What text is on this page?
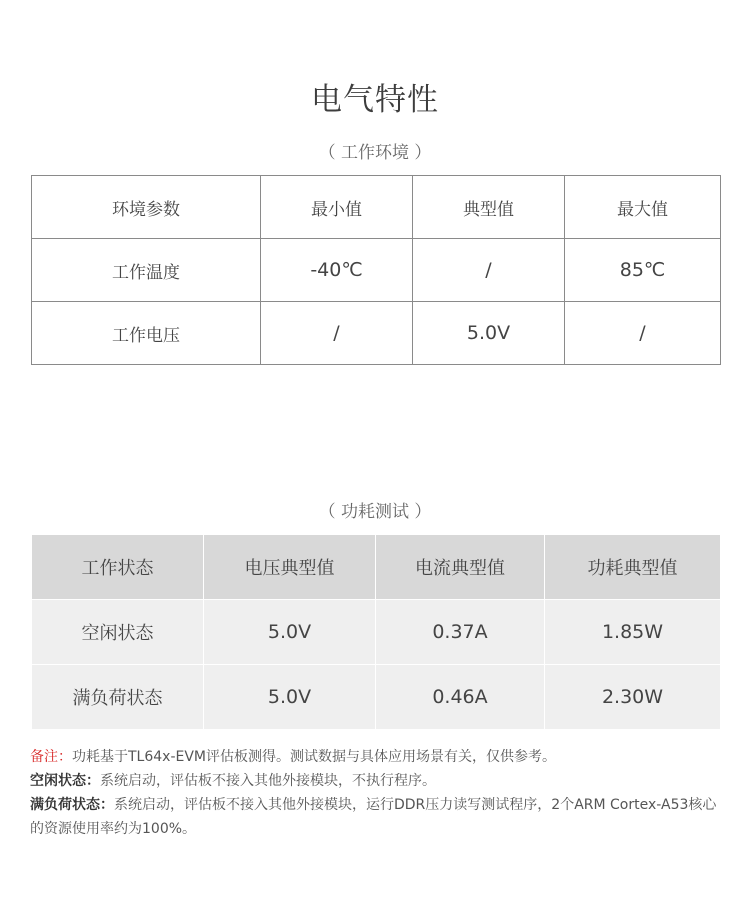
电气特性
（ 工作环境 ）
环境参数	最小值	典型值	最大值
工作温度	-40℃	/	85℃
工作电压	/	5.0V	/
（ 功耗测试 ）
工作状态	电压典型值	电流典型值	功耗典型值
空闲状态	5.0V	0.37A	1.85W
满负荷状态	5.0V	0.46A	2.30W

备注：功耗基于TL64x-EVM评估板测得。测试数据与具体应用场景有关，仅供参考。

空闲状态：系统启动，评估板不接入其他外接模块，不执行程序。

满负荷状态：系统启动，评估板不接入其他外接模块，运行DDR压力读写测试程序，2个ARM Cortex-A53核心的资源使用率约为100%。
